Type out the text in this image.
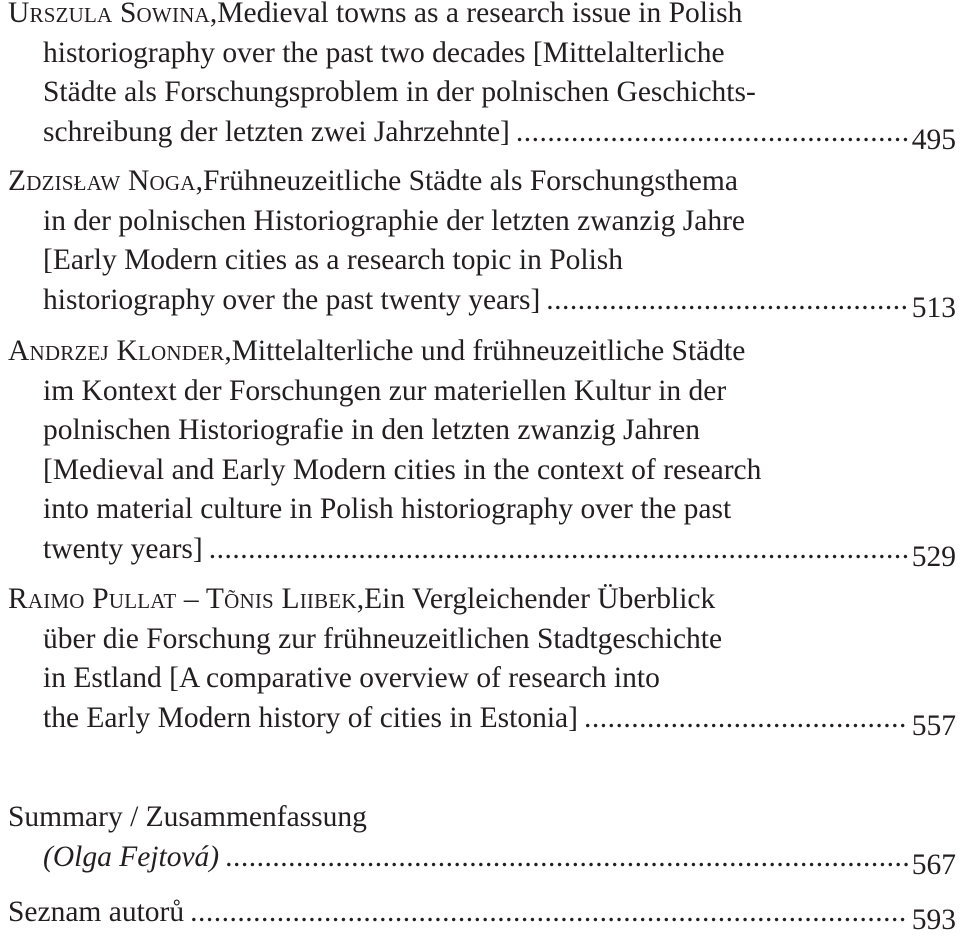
Urszula Sowina , Medieval towns as a research issue in Polish
historiography over the past two decades [Mittelalterliche
Städte als Forschungsproblem in der polnischen Geschichts-
schreibung der letzten zwei Jahrzehnte] .....	495
Zdzisław Noga , Frühneuzeitliche Städte als Forschungsthema
in der polnischen Historiographie der letzten zwanzig Jahre
[Early Modern cities as a research topic in Polish
historiography over the past twenty years] .....	513
Andrzej Klonder , Mittelalterliche und frühneuzeitliche Städte
im Kontext der Forschungen zur materiellen Kultur in der
polnischen Historiografie in den letzten zwanzig Jahren
[Medieval and Early Modern cities in the context of research
into material culture in Polish historiography over the past
twenty years] .....	529
Raimo Pullat – Tõnis Liibek , Ein Vergleichender Überblick
über die Forschung zur frühneuzeitlichen Stadtgeschichte
in Estland [A comparative overview of research into
the Early Modern history of cities in Estonia] .....	557
Summary / Zusammenfassung
(Olga Fejtová) .....	567
Seznam autorů .....	593
